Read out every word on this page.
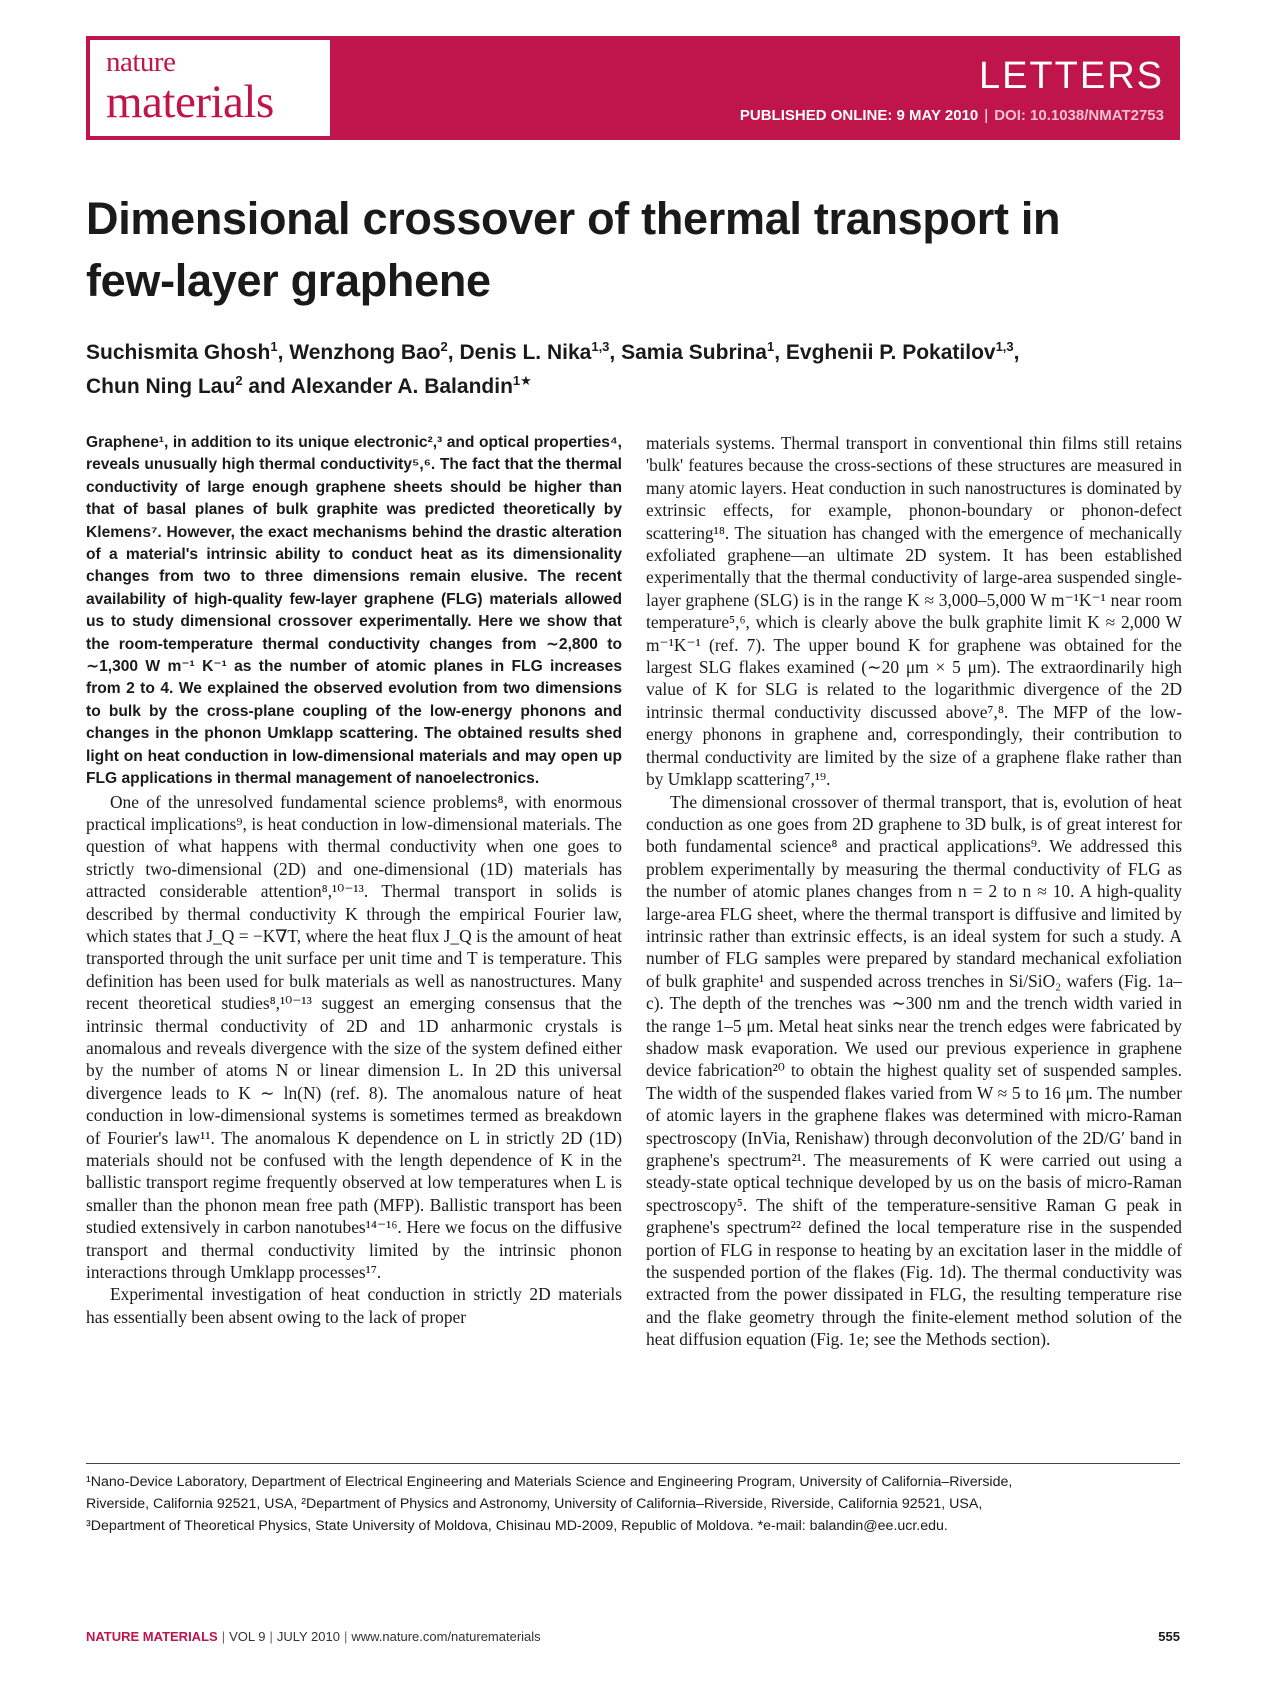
nature
materials	LETTERS
PUBLISHED ONLINE: 9 MAY 2010 | DOI: 10.1038/NMAT2753
Dimensional crossover of thermal transport in
few-layer graphene
Suchismita Ghosh$^1$, Wenzhong Bao$^2$, Denis L. Nika$^{1,3}$, Samia Subrina$^1$, Evghenii P. Pokatilov$^{1,3}$,
Chun Ning Lau$^2$ and Alexander A. Balandin$^{1★}$

Graphene¹, in addition to its unique electronic²,³ and optical properties⁴, reveals unusually high thermal conductivity⁵,⁶. The fact that the thermal conductivity of large enough graphene sheets should be higher than that of basal planes of bulk graphite was predicted theoretically by Klemens⁷. However, the exact mechanisms behind the drastic alteration of a material's intrinsic ability to conduct heat as its dimensionality changes from two to three dimensions remain elusive. The recent availability of high-quality few-layer graphene (FLG) materials allowed us to study dimensional crossover experimentally. Here we show that the room-temperature thermal conductivity changes from ∼2,800 to ∼1,300 W m⁻¹ K⁻¹ as the number of atomic planes in FLG increases from 2 to 4. We explained the observed evolution from two dimensions to bulk by the cross-plane coupling of the low-energy phonons and changes in the phonon Umklapp scattering. The obtained results shed light on heat conduction in low-dimensional materials and may open up FLG applications in thermal management of nanoelectronics.

One of the unresolved fundamental science problems⁸, with enormous practical implications⁹, is heat conduction in low-dimensional materials. The question of what happens with thermal conductivity when one goes to strictly two-dimensional (2D) and one-dimensional (1D) materials has attracted considerable attention⁸,¹⁰⁻¹³. Thermal transport in solids is described by thermal conductivity K through the empirical Fourier law, which states that J_Q = −K∇T, where the heat flux J_Q is the amount of heat transported through the unit surface per unit time and T is temperature. This definition has been used for bulk materials as well as nanostructures. Many recent theoretical studies⁸,¹⁰⁻¹³ suggest an emerging consensus that the intrinsic thermal conductivity of 2D and 1D anharmonic crystals is anomalous and reveals divergence with the size of the system defined either by the number of atoms N or linear dimension L. In 2D this universal divergence leads to K ∼ ln(N) (ref. 8). The anomalous nature of heat conduction in low-dimensional systems is sometimes termed as breakdown of Fourier's law¹¹. The anomalous K dependence on L in strictly 2D (1D) materials should not be confused with the length dependence of K in the ballistic transport regime frequently observed at low temperatures when L is smaller than the phonon mean free path (MFP). Ballistic transport has been studied extensively in carbon nanotubes¹⁴⁻¹⁶. Here we focus on the diffusive transport and thermal conductivity limited by the intrinsic phonon interactions through Umklapp processes¹⁷.

Experimental investigation of heat conduction in strictly 2D materials has essentially been absent owing to the lack of proper

materials systems. Thermal transport in conventional thin films still retains 'bulk' features because the cross-sections of these structures are measured in many atomic layers. Heat conduction in such nanostructures is dominated by extrinsic effects, for example, phonon-boundary or phonon-defect scattering¹⁸. The situation has changed with the emergence of mechanically exfoliated graphene—an ultimate 2D system. It has been established experimentally that the thermal conductivity of large-area suspended single-layer graphene (SLG) is in the range K ≈ 3,000–5,000 W m⁻¹K⁻¹ near room temperature⁵,⁶, which is clearly above the bulk graphite limit K ≈ 2,000 W m⁻¹K⁻¹ (ref. 7). The upper bound K for graphene was obtained for the largest SLG flakes examined (∼20 μm × 5 μm). The extraordinarily high value of K for SLG is related to the logarithmic divergence of the 2D intrinsic thermal conductivity discussed above⁷,⁸. The MFP of the low-energy phonons in graphene and, correspondingly, their contribution to thermal conductivity are limited by the size of a graphene flake rather than by Umklapp scattering⁷,¹⁹.

The dimensional crossover of thermal transport, that is, evolution of heat conduction as one goes from 2D graphene to 3D bulk, is of great interest for both fundamental science⁸ and practical applications⁹. We addressed this problem experimentally by measuring the thermal conductivity of FLG as the number of atomic planes changes from n = 2 to n ≈ 10. A high-quality large-area FLG sheet, where the thermal transport is diffusive and limited by intrinsic rather than extrinsic effects, is an ideal system for such a study. A number of FLG samples were prepared by standard mechanical exfoliation of bulk graphite¹ and suspended across trenches in Si/SiO₂ wafers (Fig. 1a–c). The depth of the trenches was ∼300 nm and the trench width varied in the range 1–5 μm. Metal heat sinks near the trench edges were fabricated by shadow mask evaporation. We used our previous experience in graphene device fabrication²⁰ to obtain the highest quality set of suspended samples. The width of the suspended flakes varied from W ≈ 5 to 16 μm. The number of atomic layers in the graphene flakes was determined with micro-Raman spectroscopy (InVia, Renishaw) through deconvolution of the 2D/G′ band in graphene's spectrum²¹. The measurements of K were carried out using a steady-state optical technique developed by us on the basis of micro-Raman spectroscopy⁵. The shift of the temperature-sensitive Raman G peak in graphene's spectrum²² defined the local temperature rise in the suspended portion of FLG in response to heating by an excitation laser in the middle of the suspended portion of the flakes (Fig. 1d). The thermal conductivity was extracted from the power dissipated in FLG, the resulting temperature rise and the flake geometry through the finite-element method solution of the heat diffusion equation (Fig. 1e; see the Methods section).

¹Nano-Device Laboratory, Department of Electrical Engineering and Materials Science and Engineering Program, University of California–Riverside,

Riverside, California 92521, USA, ²Department of Physics and Astronomy, University of California–Riverside, Riverside, California 92521, USA,

³Department of Theoretical Physics, State University of Moldova, Chisinau MD-2009, Republic of Moldova. *e-mail: balandin@ee.ucr.edu.

NATURE MATERIALS | VOL 9 | JULY 2010 | www.nature.com/naturematerials	555
